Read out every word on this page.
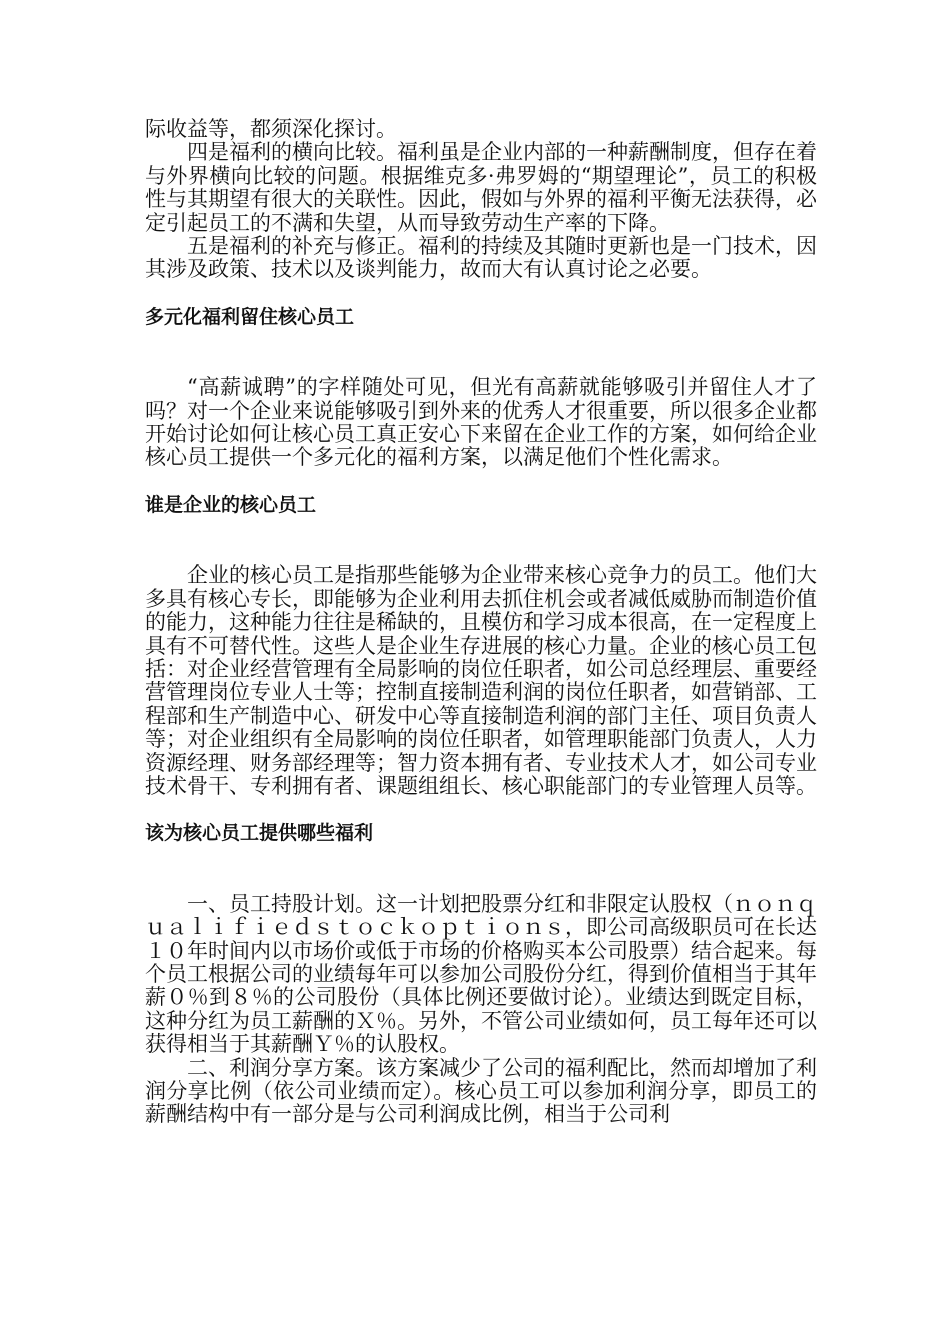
际收益等，都须深化探讨。

四是福利的横向比较。福利虽是企业内部的一种薪酬制度，但存在着与外界横向比较的问题。根据维克多·弗罗姆的“期望理论”，员工的积极性与其期望有很大的关联性。因此，假如与外界的福利平衡无法获得，必定引起员工的不满和失望，从而导致劳动生产率的下降。

五是福利的补充与修正。福利的持续及其随时更新也是一门技术，因其涉及政策、技术以及谈判能力，故而大有认真讨论之必要。

多元化福利留住核心员工

“高薪诚聘”的字样随处可见，但光有高薪就能够吸引并留住人才了吗？对一个企业来说能够吸引到外来的优秀人才很重要，所以很多企业都开始讨论如何让核心员工真正安心下来留在企业工作的方案，如何给企业核心员工提供一个多元化的福利方案，以满足他们个性化需求。

谁是企业的核心员工

企业的核心员工是指那些能够为企业带来核心竞争力的员工。他们大多具有核心专长，即能够为企业利用去抓住机会或者减低威胁而制造价值的能力，这种能力往往是稀缺的，且模仿和学习成本很高，在一定程度上具有不可替代性。这些人是企业生存进展的核心力量。企业的核心员工包括：对企业经营管理有全局影响的岗位任职者，如公司总经理层、重要经营管理岗位专业人士等；控制直接制造利润的岗位任职者，如营销部、工程部和生产制造中心、研发中心等直接制造利润的部门主任、项目负责人等；对企业组织有全局影响的岗位任职者，如管理职能部门负责人，人力资源经理、财务部经理等；智力资本拥有者、专业技术人才，如公司专业技术骨干、专利拥有者、课题组组长、核心职能部门的专业管理人员等。

该为核心员工提供哪些福利

一、员工持股计划。这一计划把股票分红和非限定认股权（ｎｏｎｑｕａｌｉｆｉｅｄｓｔｏｃｋｏｐｔｉｏｎｓ，即公司高级职员可在长达１０年时间内以市场价或低于市场的价格购买本公司股票）结合起来。每个员工根据公司的业绩每年可以参加公司股份分红，得到价值相当于其年薪０％到８％的公司股份（具体比例还要做讨论）。业绩达到既定目标，这种分红为员工薪酬的Ｘ％。另外，不管公司业绩如何，员工每年还可以获得相当于其薪酬Ｙ％的认股权。

二、利润分享方案。该方案减少了公司的福利配比，然而却增加了利润分享比例（依公司业绩而定）。核心员工可以参加利润分享，即员工的薪酬结构中有一部分是与公司利润成比例，相当于公司利
